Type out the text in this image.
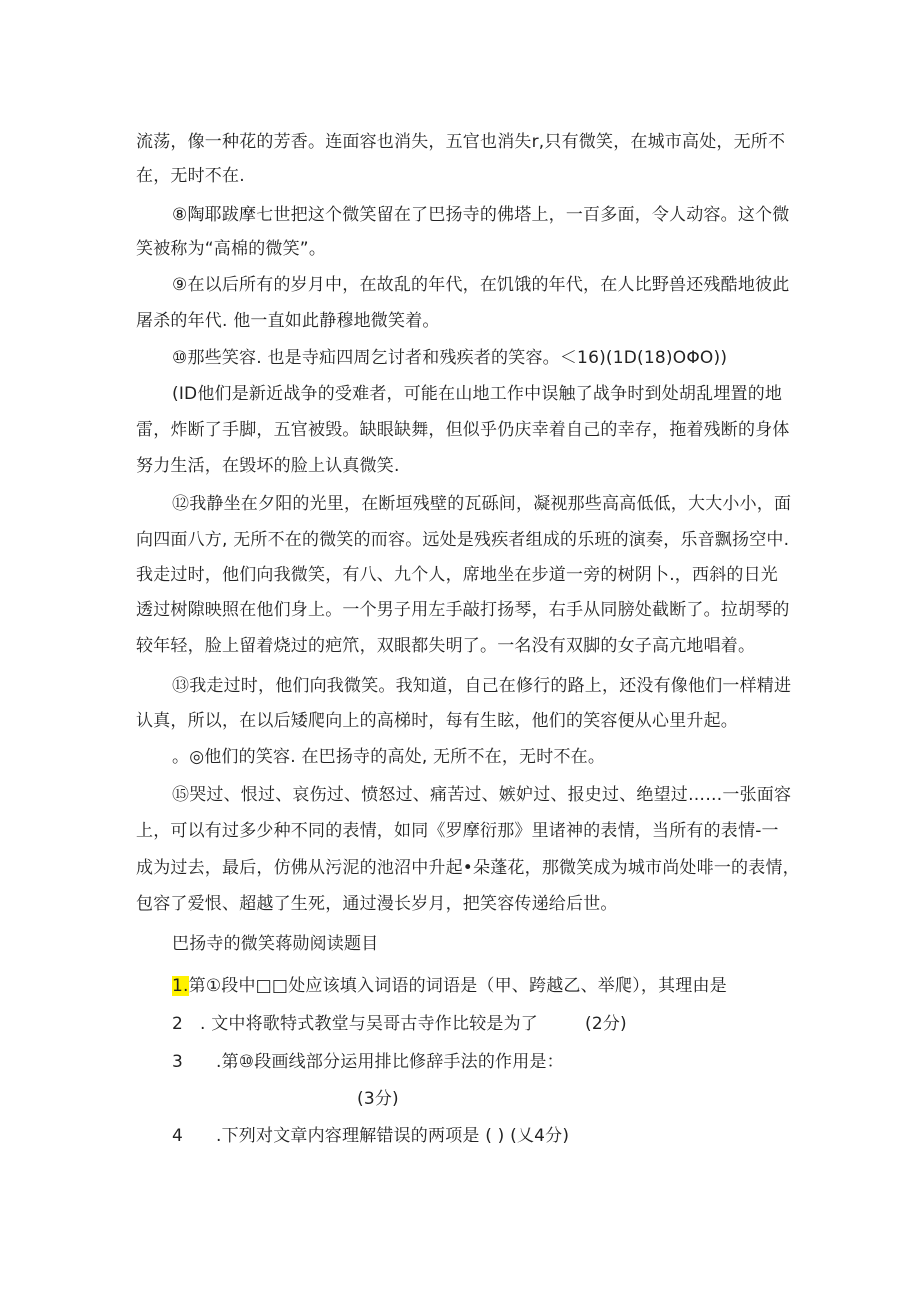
流荡，像一种花的芳香。连面容也消失，五官也消失r,只有微笑，在城市高处，无所不
在，无时不在.
⑧陶耶跋摩七世把这个微笑留在了巴扬寺的佛塔上，一百多面，令人动容。这个微
笑被称为“高棉的微笑”。
⑨在以后所有的岁月中，在故乱的年代，在饥饿的年代，在人比野兽还残酷地彼此
屠杀的年代. 他一直如此静穆地微笑着。
⑩那些笑容. 也是寺疝四周乞讨者和残疾者的笑容。＜16)(1D(18)OΦO))
(ID他们是新近战争的受难者，可能在山地工作中误触了战争时到处胡乱埋置的地
雷，炸断了手脚，五官被毁。缺眼缺舞，但似乎仍庆幸着自己的幸存，拖着残断的身体
努力生活，在毁坏的脸上认真微笑.
⑫我静坐在夕阳的光里，在断垣残壁的瓦砾间，凝视那些高高低低，大大小小，面
向四面八方, 无所不在的微笑的而容。远处是残疾者组成的乐班的演奏，乐音飘扬空中.
我走过时，他们向我微笑，有八、九个人，席地坐在步道一旁的树阴卜.，西斜的日光
透过树隙映照在他们身上。一个男子用左手敲打扬琴，右手从同膀处截断了。拉胡琴的
较年轻，脸上留着烧过的疤笊，双眼都失明了。一名没有双脚的女子高亢地唱着。
⑬我走过时，他们向我微笑。我知道，自己在修行的路上，还没有像他们一样精进
认真，所以，在以后矮爬向上的高梯时，每有生眩，他们的笑容便从心里升起。
。◎他们的笑容. 在巴扬寺的高处, 无所不在，无时不在。
⑮哭过、恨过、哀伤过、愤怒过、痛苦过、嫉妒过、报史过、绝望过……一张面容
上，可以有过多少种不同的表情，如同《罗摩衍那》里诸神的表情，当所有的表情-一
成为过去，最后，仿佛从污泥的池沼中升起•朵蓬花，那微笑成为城市尚处啡一的表情，
包容了爱恨、超越了生死，通过漫长岁月，把笑容传递给后世。
巴扬寺的微笑蒋勋阅读题目
1.第①段中□□处应该填入词语的词语是（甲、跨越乙、举爬），其理由是
2 . 文中将歌特式教堂与吴哥古寺作比较是为了	(2分)
3 .第⑩段画线部分运用排比修辞手法的作用是：
(3分)
4 .下列对文章内容理解错误的两项是 ( ) (乂4分)
